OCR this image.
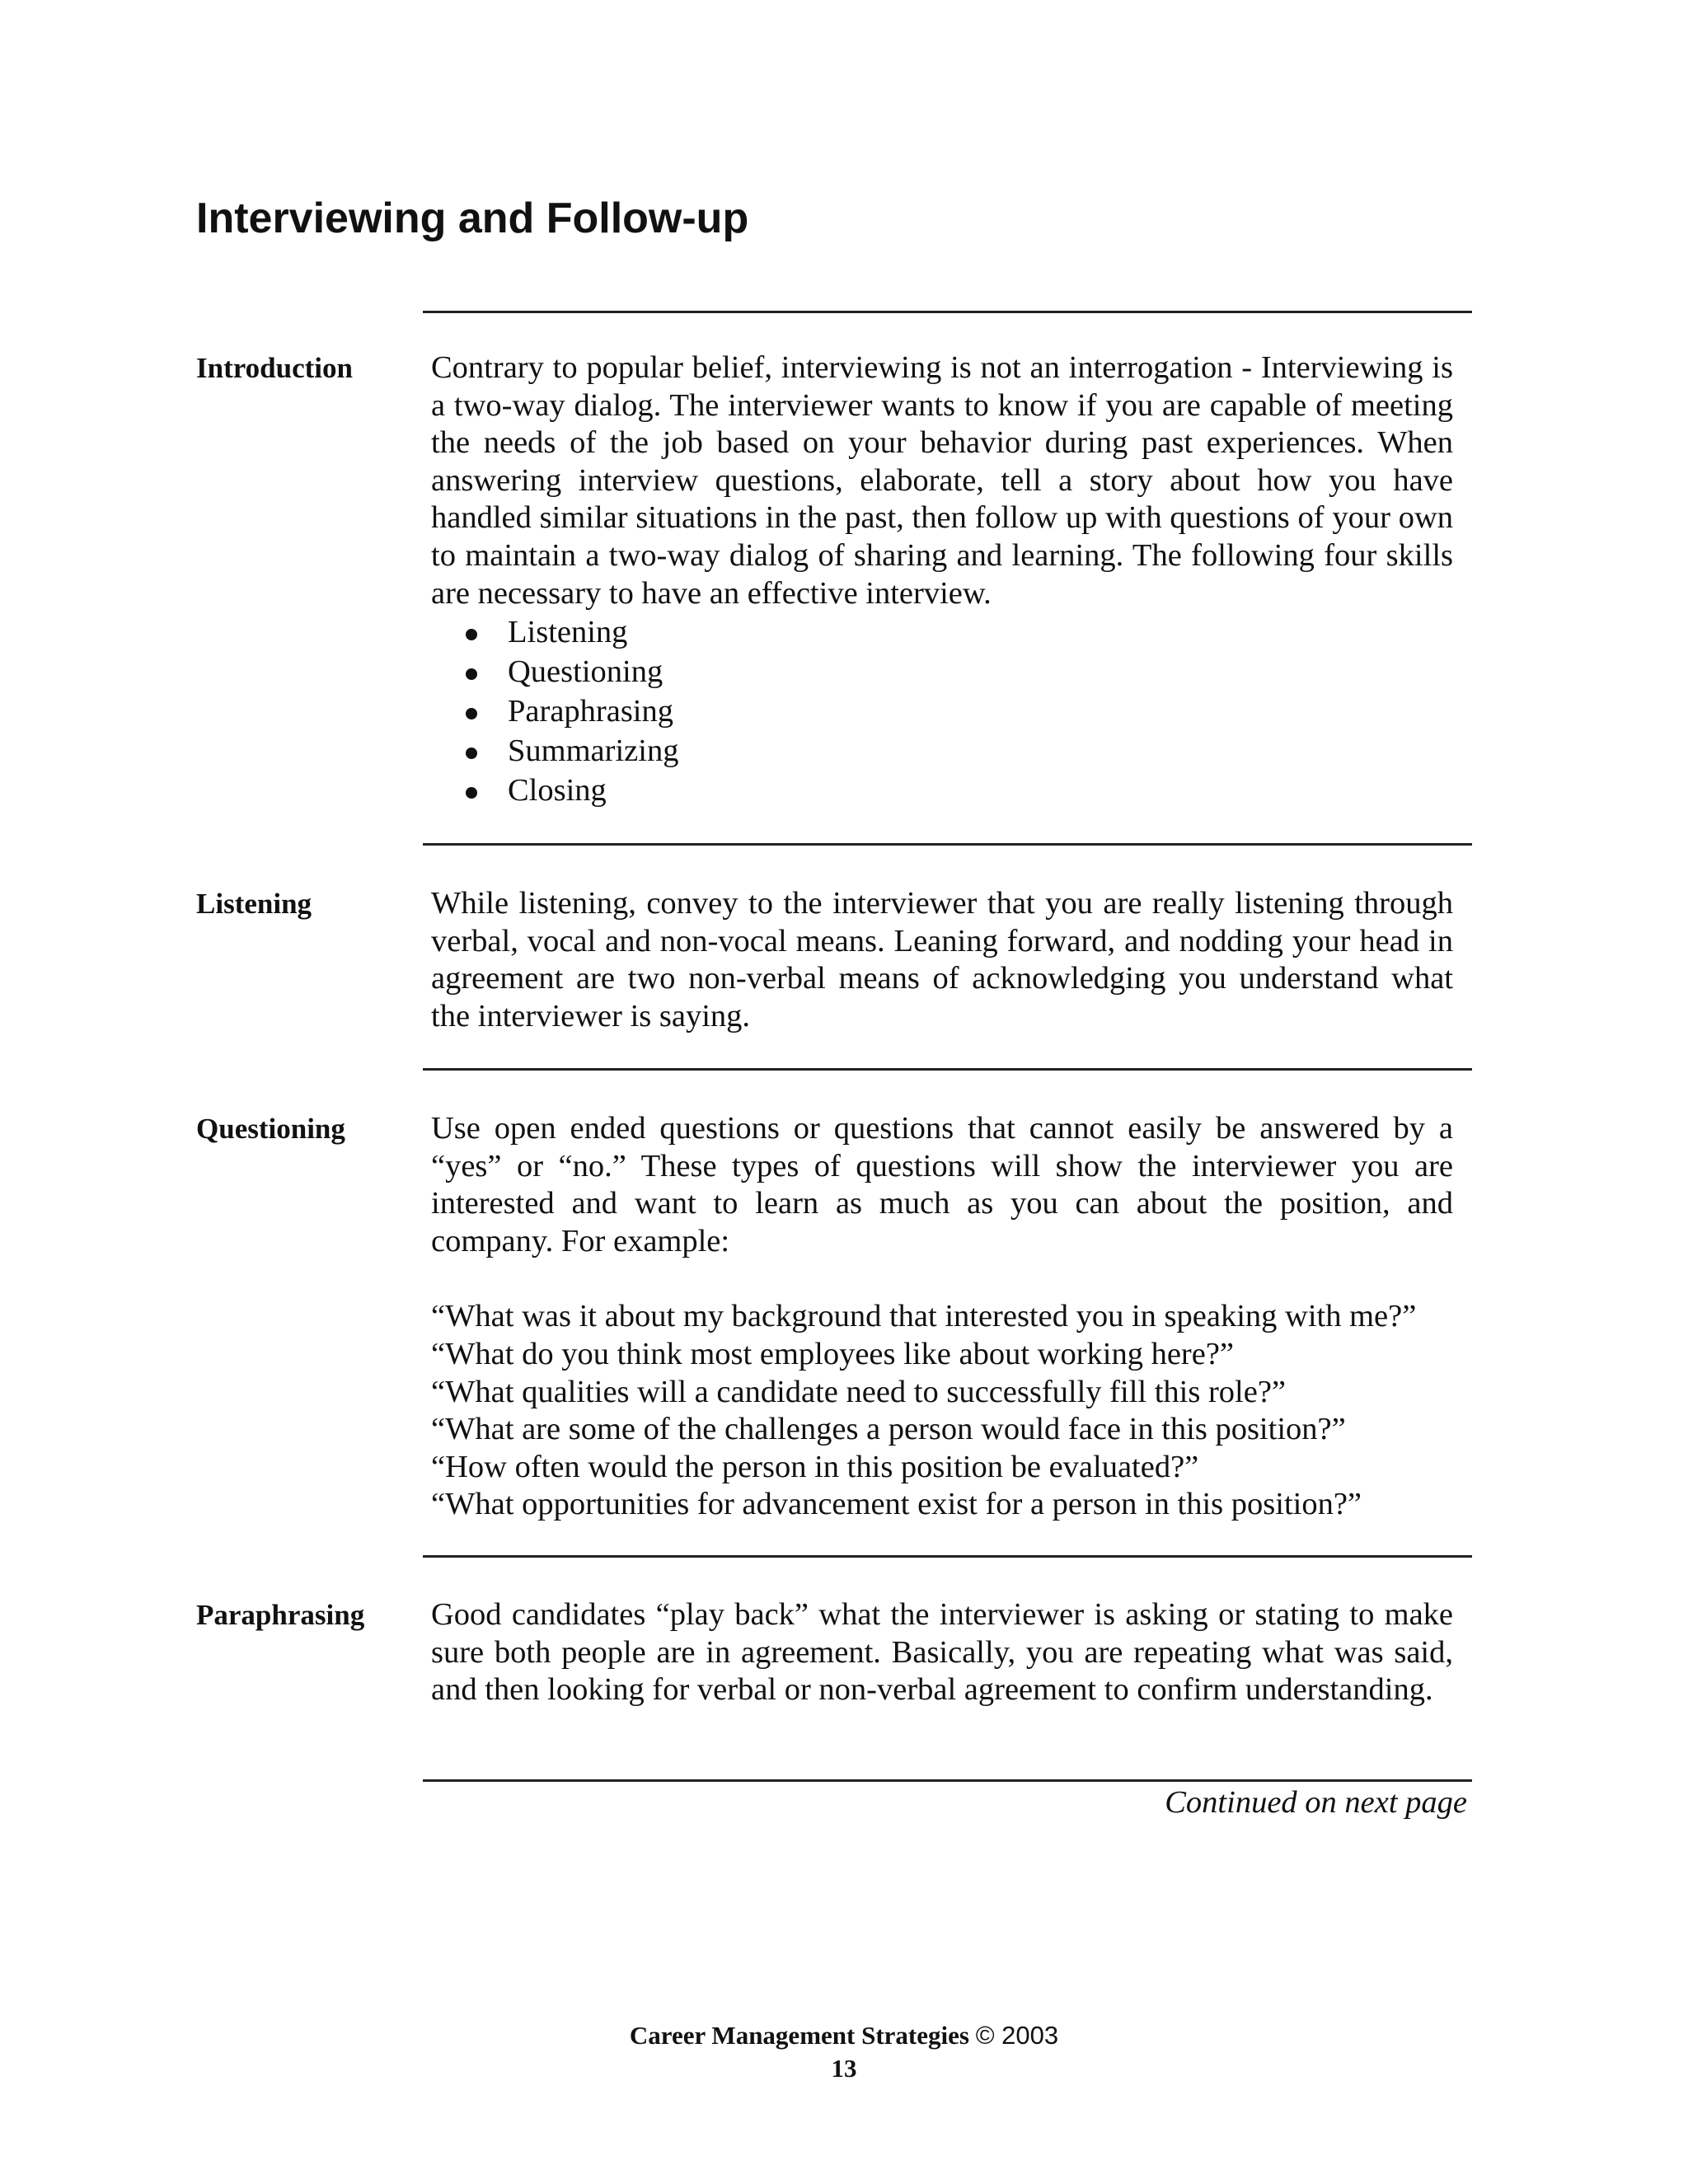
Interviewing and Follow-up
Introduction Contrary to popular belief, interviewing is not an interrogation - Interviewing is a two-way dialog. The interviewer wants to know if you are capable of meeting the needs of the job based on your behavior during past experiences. When answering interview questions, elaborate, tell a story about how you have handled similar situations in the past, then follow up with questions of your own to maintain a two-way dialog of sharing and learning. The following four skills are necessary to have an effective interview.

Listening
Questioning
Paraphrasing
Summarizing
Closing
Listening	While listening, convey to the interviewer that you are really listening through verbal, vocal and non-vocal means. Leaning forward, and nodding your head in agreement are two non-verbal means of acknowledging you understand what the interviewer is saying.

Questioning	Use open ended questions or questions that cannot easily be answered by a “yes” or “no.” These types of questions will show the interviewer you are interested and want to learn as much as you can about the position, and company. For example:

“What was it about my background that interested you in speaking with me?”
“What do you think most employees like about working here?”
“What qualities will a candidate need to successfully fill this role?”
“What are some of the challenges a person would face in this position?”
“How often would the person in this position be evaluated?”
“What opportunities for advancement exist for a person in this position?”
Paraphrasing Good candidates “play back” what the interviewer is asking or stating to make sure both people are in agreement. Basically, you are repeating what was said, and then looking for verbal or non-verbal agreement to confirm understanding.

Continued on next page
Career Management Strategies © 2003
13
